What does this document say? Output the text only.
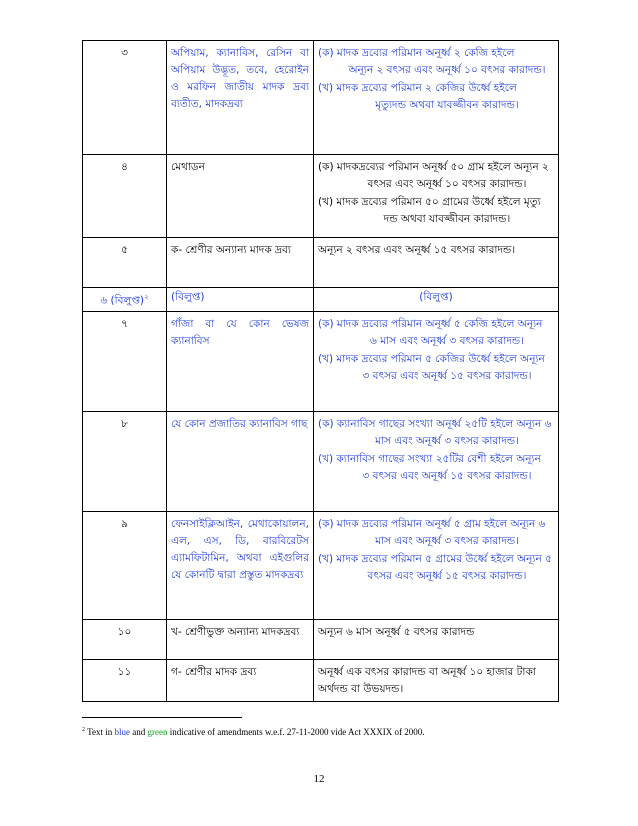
৩	অপিয়াম, ক্যানাবিস, রেসিন বা অপিয়াম উদ্ভূত, তবে, হেরোইন ও মরফিন জাতীয় মাদক দ্রব্য ব্যতীত, মাদকদ্রব্য	(ক) মাদক দ্রব্যের পরিমান অনূর্ধ্ব ২ কেজি হইলে
অন্যূন ২ বৎসর এবং অনূর্ধ্ব ১০ বৎসর কারাদন্ড।
(খ) মাদক দ্রব্যের পরিমান ২ কেজির উর্ধ্বে হইলে
মৃত্যুদন্ড অথবা যাবজ্জীবন কারাদন্ড।

৪	মেথাডন	(ক) মাদকদ্রব্যের পরিমান অনূর্ধ্ব ৫০ গ্রাম হইলে অন্যূন ২
বৎসর এবং অনূর্ধ্ব ১০ বৎসর কারাদন্ড।
(খ) মাদক দ্রব্যের পরিমান ৫০ গ্রামের উর্ধ্বে হইলে মৃত্যু
দন্ড অথবা যাবজ্জীবন কারাদন্ড।

৫	ক- শ্রেণীর অন্যান্য মাদক দ্রব্য	অন্যূন ২ বৎসর এবং অনূর্ধ্ব ১৫ বৎসর কারাদন্ড।

৬ (বিলুপ্ত)$^২$	(বিলুপ্ত)	(বিলুপ্ত)
৭	গাঁজা বা যে কোন ভেষজ ক্যানাবিস	(ক) মাদক দ্রব্যের পরিমান অনূর্ধ্ব ৫ কেজি হইলে অন্যূন
৬ মাস এবং অনূর্ধ্ব ৩ বৎসর কারাদন্ড।
(খ) মাদক দ্রব্যের পরিমান ৫ কেজির উর্ধ্বে হইলে অন্যূন
৩ বৎসর এবং অনূর্ধ্ব ১৫ বৎসর কারাদন্ড।

৮	যে কোন প্রজাতির ক্যানাবিস গাছ	(ক) ক্যানাবিস গাছের সংখ্যা অনূর্ধ্ব ২৫টি হইলে অন্যূন ৬
মাস এবং অনূর্ধ্ব ৩ বৎসর কারাদন্ড।
(খ) ক্যানাবিস গাছের সংখ্যা ২৫টির বেশী হইলে অন্যূন
৩ বৎসর এবং অনূর্ধ্ব ১৫ বৎসর কারাদন্ড।

৯	ফেনসাইক্লিআইন, মেথাকোয়ালন, এল, এস, ডি, বারবিরেটস এ্যামফিটামিন, অথবা এইগুলির যে কোনটি দ্বারা প্রস্তুত মাদকদ্রব্য	(ক) মাদক দ্রব্যের পরিমান অনূর্ধ্ব ৫ গ্রাম হইলে অন্যূন ৬
মাস এবং অনূর্ধ্ব ৩ বৎসর কারাদন্ড।
(খ) মাদক দ্রব্যের পরিমান ৫ গ্রামের উর্ধ্বে হইলে অন্যূন ৫
বৎসর এবং অনূর্ধ্ব ১৫ বৎসর কারাদন্ড।

১০	খ- শ্রেণীভুক্ত অন্যান্য মাদকদ্রব্য	অন্যূন ৬ মাস অনূর্ধ্ব ৫ বৎসর কারাদন্ড

১১	গ- শ্রেণীর মাদক দ্রব্য	অনূর্ধ্ব এক বৎসর কারাদন্ড বা অনূর্ধ্ব ১০ হাজার টাকা
অর্থদন্ড বা উভয়দন্ড।
$^2$ Text in blue and green indicative of amendments w.e.f. 27-11-2000 vide Act XXXIX of 2000.
12
